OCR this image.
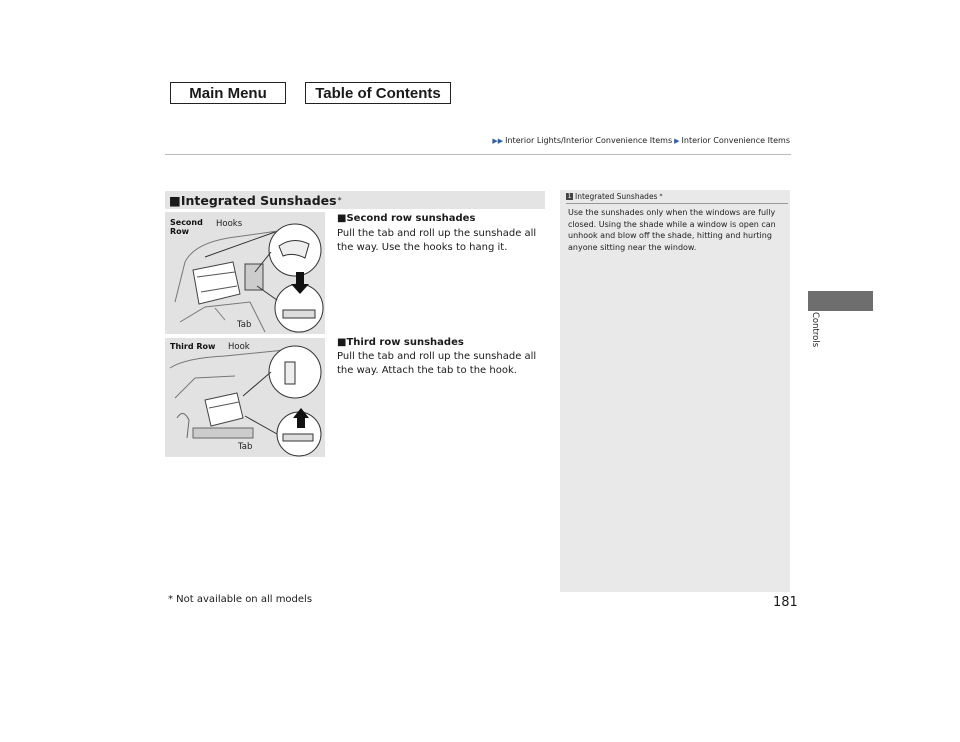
Main Menu	Table of Contents
▶▶ Interior Lights/Interior Convenience Items ▶ Interior Convenience Items
Controls
■ Integrated Sunshades *
Second Row
Hooks
Tab
Third Row Hook
Tab
■Second row sunshades
Pull the tab and roll up the sunshade all the way. Use the hooks to hang it.
■Third row sunshades
Pull the tab and roll up the sunshade all the way. Attach the tab to the hook.
1 Integrated Sunshades *
Use the sunshades only when the windows are fully closed. Using the shade while a window is open can unhook and blow off the shade, hitting and hurting anyone sitting near the window.
* Not available on all models	181
